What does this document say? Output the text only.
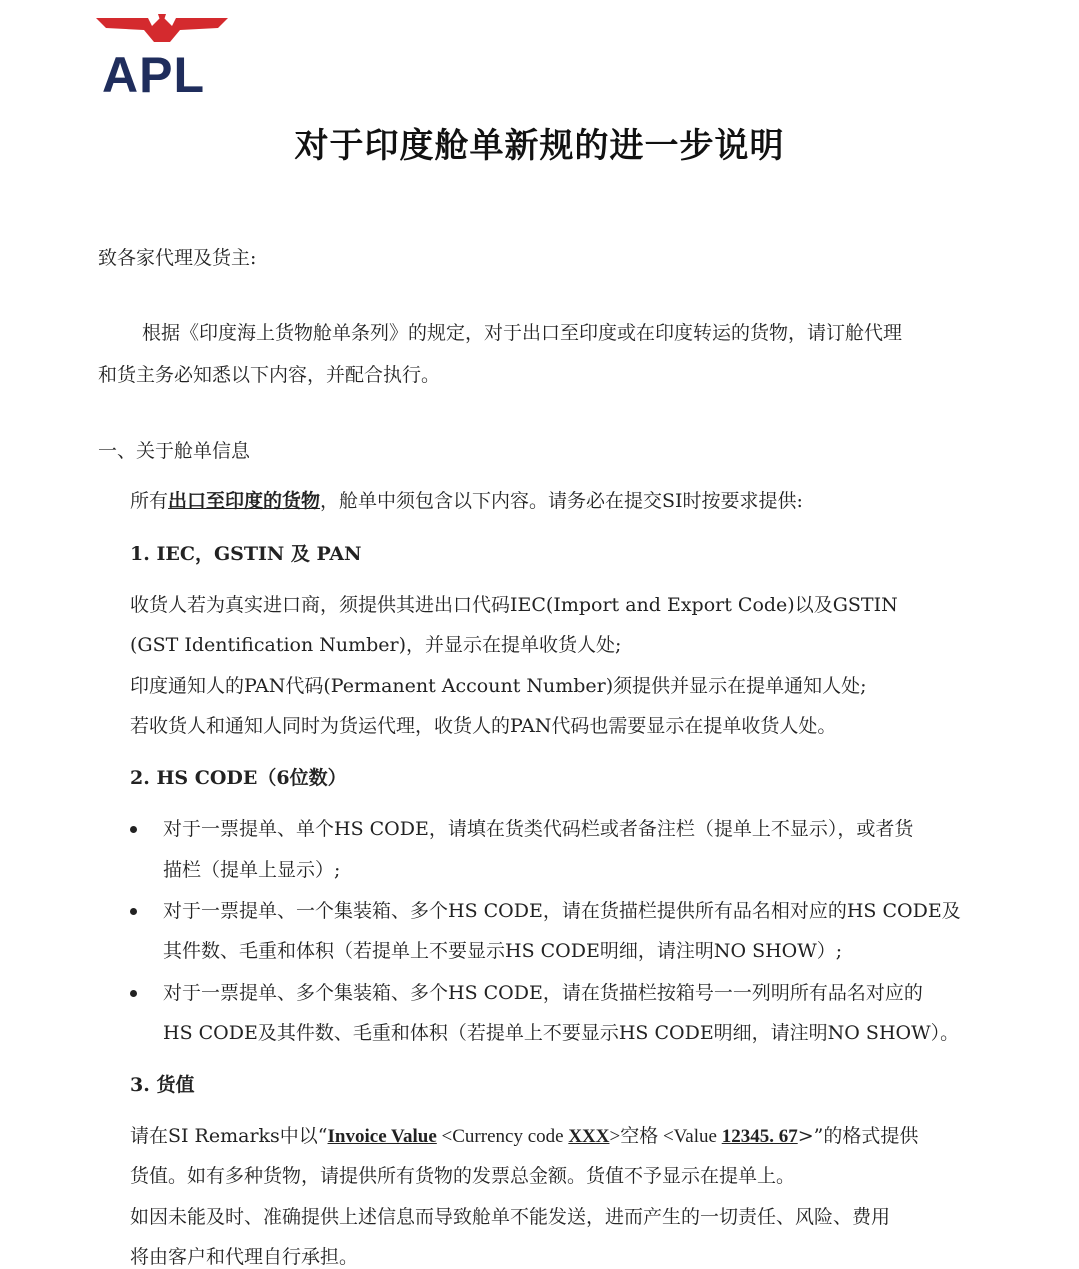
APL
对于印度舱单新规的进一步说明
致各家代理及货主:
根据《印度海上货物舱单条列》的规定，对于出口至印度或在印度转运的货物，请订舱代理
和货主务必知悉以下内容，并配合执行。
一、关于舱单信息
所有出口至印度的货物，舱单中须包含以下内容。请务必在提交SI时按要求提供:
1. IEC，GSTIN 及 PAN
收货人若为真实进口商，须提供其进出口代码IEC(Import and Export Code)以及GSTIN
(GST Identification Number)，并显示在提单收货人处;
印度通知人的PAN代码(Permanent Account Number)须提供并显示在提单通知人处;
若收货人和通知人同时为货运代理，收货人的PAN代码也需要显示在提单收货人处。
2. HS CODE（6位数）
对于一票提单、单个HS CODE，请填在货类代码栏或者备注栏（提单上不显示），或者货
描栏（提单上显示）;
对于一票提单、一个集装箱、多个HS CODE，请在货描栏提供所有品名相对应的HS CODE及
其件数、毛重和体积（若提单上不要显示HS CODE明细，请注明NO SHOW）;
对于一票提单、多个集装箱、多个HS CODE，请在货描栏按箱号一一列明所有品名对应的
HS CODE及其件数、毛重和体积（若提单上不要显示HS CODE明细，请注明NO SHOW）。
3. 货值
请在SI Remarks中以“Invoice Value <Currency code XXX>空格 <Value 12345. 67>”的格式提供
货值。如有多种货物，请提供所有货物的发票总金额。货值不予显示在提单上。
如因未能及时、准确提供上述信息而导致舱单不能发送，进而产生的一切责任、风险、费用
将由客户和代理自行承担。
